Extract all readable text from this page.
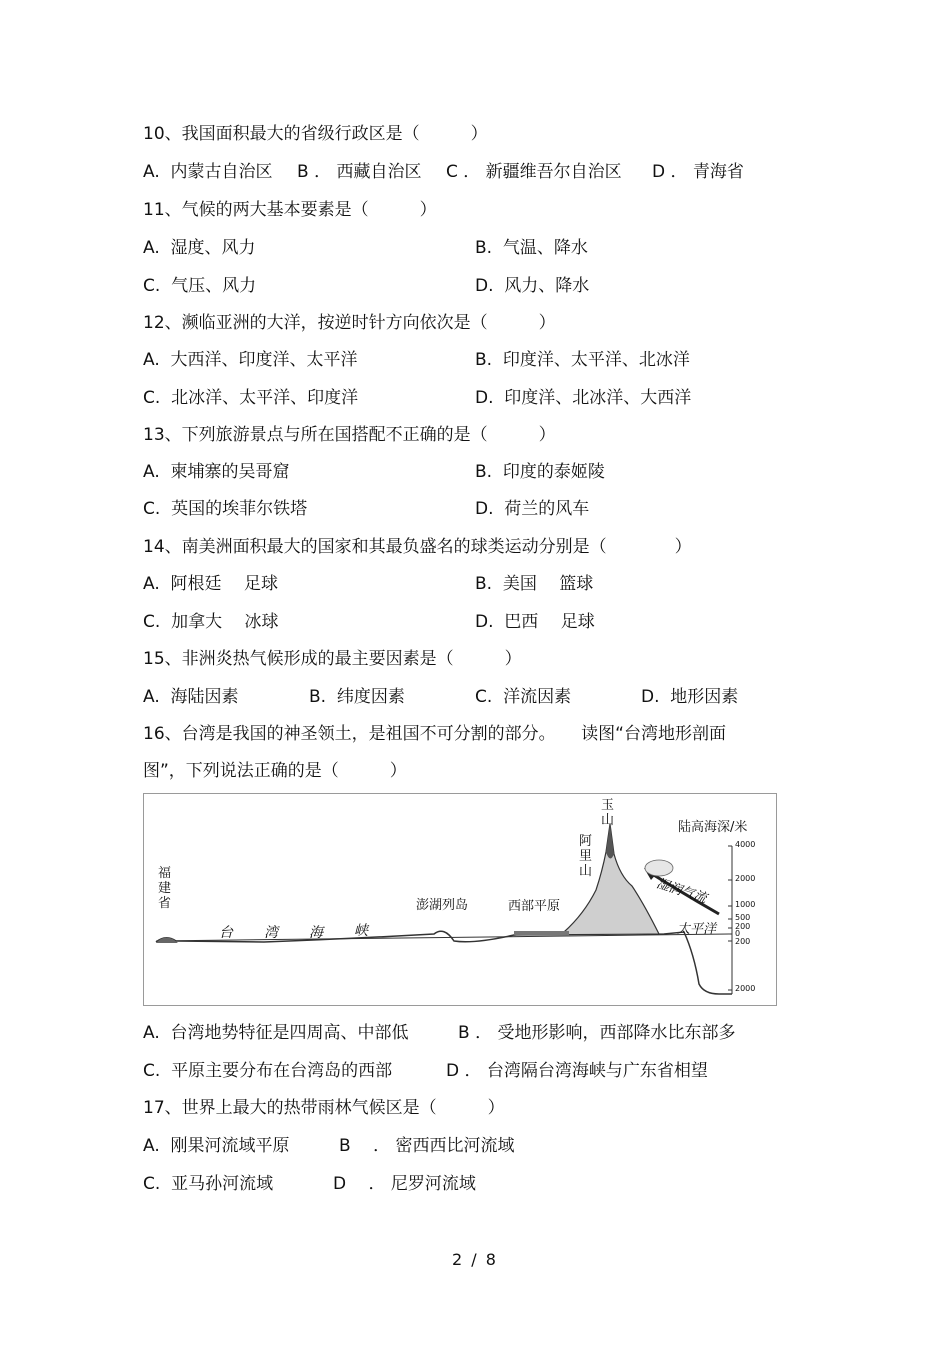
10、我国面积最大的省级行政区是（　　　）
A.  内蒙古自治区 B ． 西藏自治区 C ． 新疆维吾尔自治区 D ． 青海省
11、气候的两大基本要素是（　　　）
A.  湿度、风力	B.  气温、降水
C.  气压、风力	D.  风力、降水
12、濒临亚洲的大洋，按逆时针方向依次是（　　　）
A.  大西洋、印度洋、太平洋	B.  印度洋、太平洋、北冰洋
C.  北冰洋、太平洋、印度洋	D.  印度洋、北冰洋、大西洋
13、下列旅游景点与所在国搭配不正确的是（　　　）
A.  柬埔寨的吴哥窟	B.  印度的泰姬陵
C.  英国的埃菲尔铁塔	D.  荷兰的风车
14、南美洲面积最大的国家和其最负盛名的球类运动分别是（　　　　）
A.  阿根廷　 足球	B.  美国　 篮球
C.  加拿大　 冰球	D.  巴西　 足球
15、非洲炎热气候形成的最主要因素是（　　　）
A.  海陆因素	B.  纬度因素	C.  洋流因素	D.  地形因素
16、台湾是我国的神圣领土，是祖国不可分割的部分。　　读图“台湾地形剖面
图”，下列说法正确的是（　　　）
福建省
阿里山
玉山
台 湾 海 峡
澎湖列岛	西部平原	湿润气流
太平洋
陆高海深/米
4000
2000
1000
500
200
0
200
2000
A.  台湾地势特征是四周高、中部低	B ． 受地形影响，西部降水比东部多
C.  平原主要分布在台湾岛的西部	D ． 台湾隔台湾海峡与广东省相望
17、世界上最大的热带雨林气候区是（　　　）
A.  刚果河流域平原	B　 ． 密西西比河流域
C.  亚马孙河流域	D　 ． 尼罗河流域
2 / 8
